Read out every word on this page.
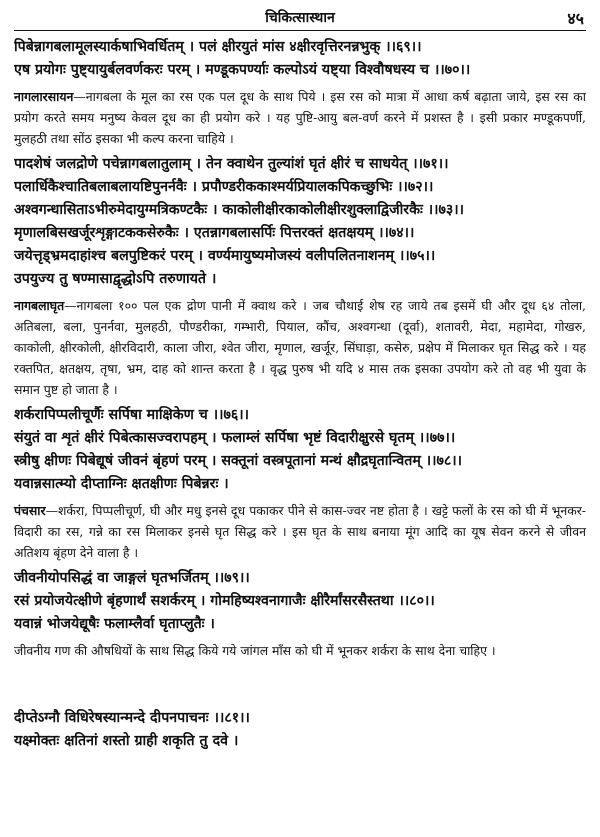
चिकित्सास्थान	४५
पिबेन्नागबलामूलस्यार्कषाभिवर्धितम् । पलं क्षीरयुतं मांस ४क्षीरवृत्तिरनन्नभुक् ।।६९।।
एष प्रयोगः पुष्ट्यायुर्बलवर्णकरः परम् । मण्डूकपर्ण्याः कल्पोऽयं यष्ट्या विश्वौषधस्य च ।।७०।।
नागलारसायन—नागबला के मूल का रस एक पल दूध के साथ पिये । इस रस को मात्रा में आधा कर्ष बढ़ाता जाये, इस रस का प्रयोग करते समय मनुष्य केवल दूध का ही प्रयोग करे । यह पुष्टि-आयु बल-वर्ण करने में प्रशस्त है । इसी प्रकार मण्डूकपर्णी, मुलहठी तथा सोंठ इसका भी कल्प करना चाहिये ।
पादशेषं जलद्रोणे पचेन्नागबलातुलाम् । तेन क्वाथेन तुल्यांशं घृतं क्षीरं च साधयेत् ।।७१।।
पलार्धिकैश्चातिबलाबलायष्टिपुनर्नवैः । प्रपौण्डरीककाश्मर्यप्रियालकपिकच्छुभिः ।।७२।।
अश्वगन्धासिताऽभीरुमेदायुग्मत्रिकण्टकैः । काकोलीक्षीरकाकोलीक्षीरशुक्लाद्विजीरकैः ।।७३।।
मृणालबिसखर्जूरशृङ्गाटककसेरुकैः । एतन्नागबलासर्पिः पित्तरक्तं क्षतक्षयम् ।।७४।।
जयेत्तृड्भ्रमदाहांश्च बलपुष्टिकरं परम् । वर्ण्यमायुष्यमोजस्यं वलीपलितनाशनम् ।।७५।।
उपयुज्य तु षण्मासाद्वृद्धोऽपि तरुणायते ।
नागबलाघृत—नागबला १०० पल एक द्रोण पानी में क्वाथ करे । जब चौथाई शेष रह जाये तब इसमें घी और दूध ६४ तोला, अतिबला, बला, पुनर्नवा, मुलहठी, पौण्डरीका, गम्भारी, पियाल, कौंच, अश्वगन्धा (दूर्वा), शतावरी, मेदा, महामेदा, गोखरु, काकोली, क्षीरकोली, क्षीरविदारी, काला जीरा, श्वेत जीरा, मृणाल, खर्जूर, सिंघाड़ा, कसेरु, प्रक्षेप में मिलाकर घृत सिद्ध करे । यह रक्तपित, क्षतक्षय, तृषा, भ्रम, दाह को शान्त करता है । वृद्ध पुरुष भी यदि ४ मास तक इसका उपयोग करे तो वह भी युवा के समान पुष्ट हो जाता है ।
शर्करापिप्पलीचूर्णैः सर्पिषा माक्षिकेण च ।।७६।।
संयुतं वा शृतं क्षीरं पिबेत्कासज्वरापहम् । फलाम्लं सर्पिषा भृष्टं विदारीक्षुरसे घृतम् ।।७७।।
स्त्रीषु क्षीणः पिबेद्यूषं जीवनं बृंहणं परम् । सक्तूनां वस्त्रपूतानां मन्थं क्षौद्रघृतान्वितम् ।।७८।।
यवान्नसात्म्यो दीप्ताग्निः क्षतक्षीणः पिबेन्नरः ।
पंचसार—शर्करा, पिप्पलीचूर्ण, घी और मधु इनसे दूध पकाकर पीने से कास-ज्वर नष्ट होता है । खट्टे फलों के रस को घी में भूनकर-विदारी का रस, गन्ने का रस मिलाकर इनसे घृत सिद्ध करे । इस घृत के साथ बनाया मूंग आदि का यूष सेवन करने से जीवन अतिशय बृंहण देने वाला है ।
जीवनीयोपसिद्धं वा जाङ्गलं घृतभर्जितम् ।।७९।।
रसं प्रयोजयेत्क्षीणे बृंहणार्थं सशर्करम् । गोमहिष्यश्वनागाजैः क्षीरैर्मांसरसैस्तथा ।।८०।।
यवान्नं भोजयेद्यूषैः फलाम्लैर्वा घृताप्लुतैः ।
जीवनीय गण की औषधियों के साथ सिद्ध किये गये जांगल माँस को घी में भूनकर शर्करा के साथ देना चाहिए ।
दीप्तेऽग्नौ विधिरेषस्यान्मन्दे दीपनपाचनः ।।८१।।
यक्ष्मोक्तः क्षतिनां शस्तो ग्राही शकृति तु दवे ।
